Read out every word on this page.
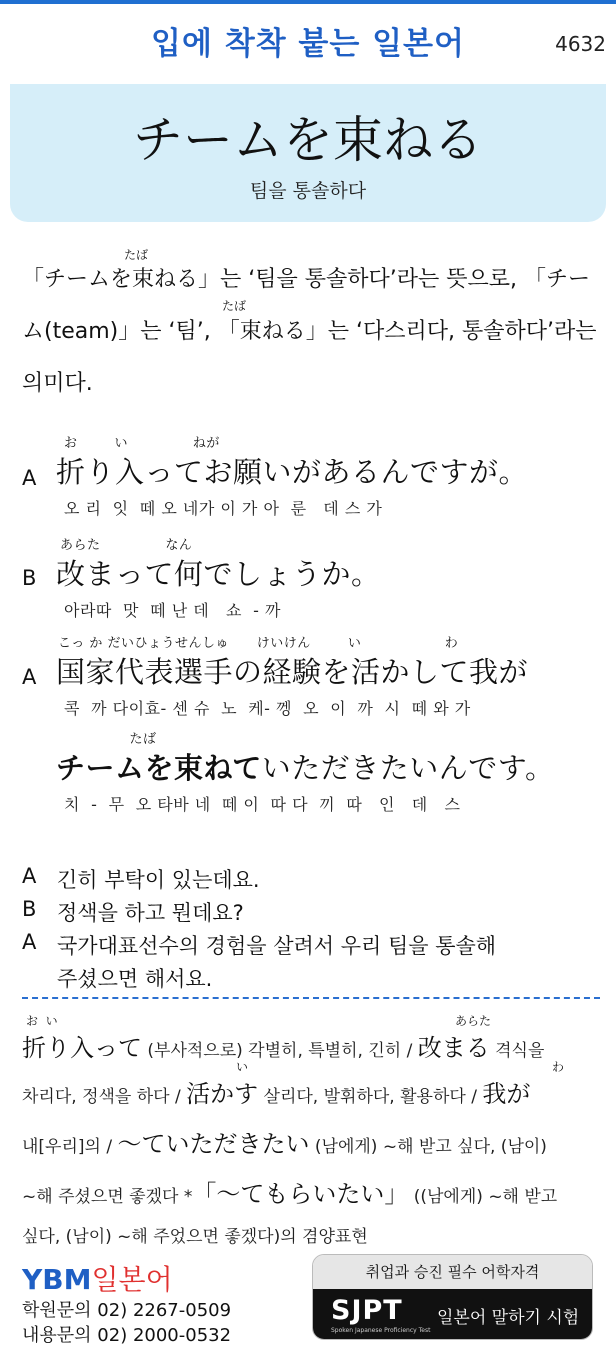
입에 착착 붙는 일본어	4632
チームを束ねる
팀을 통솔하다
たば
「チームを束ねる」는 ‘팀을 통솔하다’라는 뜻으로, 「チー
たば
ム(team)」는 ‘팀’, 「束ねる」는 ‘다스리다, 통솔하다’라는
의미다.
お        い              ねが
A 折り入ってお願いがあるんですが。
오 리  잇  떼 오 네가 이 가 아  룬   데 스 가
あらた              なん
B 改まって何でしょうか。
아라따  맛  떼 난 데   쇼  - 까
こっ か だいひょうせんしゅ      けいけん        い                  わ
A 国家代表選手の経験を活かして我が
콕  까 다이효- 센 슈  노  케- 껭  오  이  까  시  떼 와 가
たば
チームを束ねていただきたいんです。
치  -  무  오 타바 네  떼 이  따 다  끼  따   인   데   스
A 긴히 부탁이 있는데요.
B 정색을 하고 뭔데요?
A 국가대표선수의 경험을 살려서 우리 팀을 통솔해
주셨으면 해서요.
お  い	あらた
折り入って (부사적으로) 각별히, 특별히, 긴히 / 改まる 격식을
い	わ
차리다, 정색을 하다 / 活かす 살리다, 발휘하다, 활용하다 / 我が
내[우리]의 / 〜ていただきたい (남에게) ~해 받고 싶다, (남이)
~해 주셨으면 좋겠다 *「〜てもらいたい」 ((남에게) ~해 받고
싶다, (남이) ~해 주었으면 좋겠다)의 겸양표현
YBM일본어
학원문의 02) 2267-0509
내용문의 02) 2000-0532
취업과 승진 필수 어학자격
SJPT
Spoken Japanese Proficiency Test
일본어 말하기 시험
